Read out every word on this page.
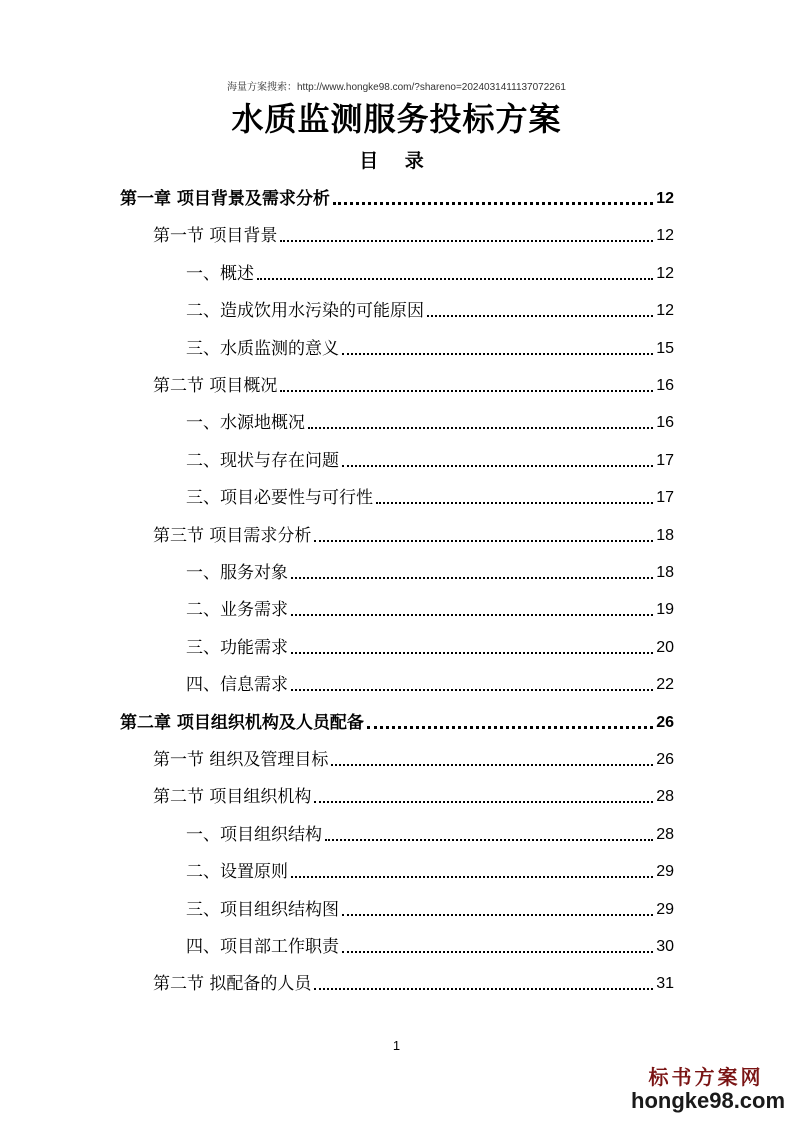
海量方案搜索：http://www.hongke98.com/?shareno=2024031411137072261
水质监测服务投标方案
目 录
第一章 项目背景及需求分析	12
第一节 项目背景	12
一、概述	12
二、造成饮用水污染的可能原因	12
三、水质监测的意义	15
第二节 项目概况	16
一、水源地概况	16
二、现状与存在问题	17
三、项目必要性与可行性	17
第三节 项目需求分析	18
一、服务对象	18
二、业务需求	19
三、功能需求	20
四、信息需求	22
第二章 项目组织机构及人员配备	26
第一节 组织及管理目标	26
第二节 项目组织机构	28
一、项目组织结构	28
二、设置原则	29
三、项目组织结构图	29
四、项目部工作职责	30
第二节 拟配备的人员	31
1
标书方案网
hongke98.com
